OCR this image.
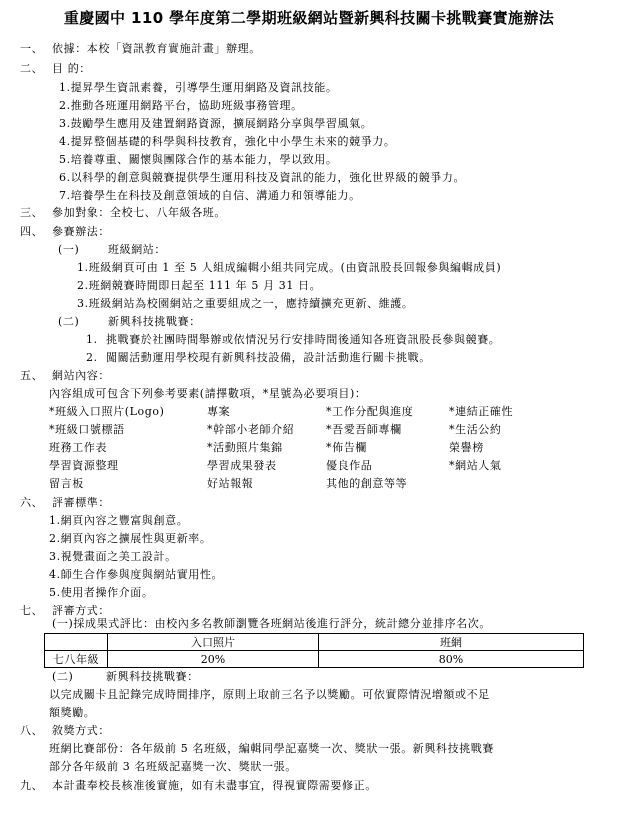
重慶國中 110 學年度第二學期班級網站暨新興科技關卡挑戰賽實施辦法
一、 依據：本校「資訊教育實施計畫」辦理。
二、 目 的：
1.提昇學生資訊素養，引導學生運用網路及資訊技能。
2.推動各班運用網路平台，協助班級事務管理。
3.鼓勵學生應用及建置網路資源，擴展網路分享與學習風氣。
4.提昇整個基礎的科學與科技教育，強化中小學生未來的競爭力。
5.培養尊重、關懷與團隊合作的基本能力，學以致用。
6.以科學的創意與競賽提供學生運用科技及資訊的能力，強化世界級的競爭力。
7.培養學生在科技及創意領域的自信、溝通力和領導能力。
三、 參加對象：全校七、八年級各班。
四、 參賽辦法：
(一)	班級網站：
1.班級網頁可由 1 至 5 人組成編輯小組共同完成。(由資訊股長回報參與編輯成員)
2.班網競賽時間即日起至 111 年 5 月 31 日。
3.班級網站為校園網站之重要組成之一，應持續擴充更新、維護。
(二)	新興科技挑戰賽：
1. 挑戰賽於社團時間舉辦或依情況另行安排時間後通知各班資訊股長參與競賽。
2. 闖關活動運用學校現有新興科技設備，設計活動進行關卡挑戰。
五、 網站內容：
內容組成可包含下列參考要素(請擇數項，*星號為必要項目)：
*班級入口照片(Logo)	專案	*工作分配與進度	*連結正確性
*班級口號標語	*幹部小老師介紹	*吾愛吾師專欄	*生活公約
班務工作表	*活動照片集錦	*佈告欄	榮譽榜
學習資源整理	學習成果發表	優良作品	*網站人氣
留言板	好站報報	其他的創意等等
六、 評審標準：
1.網頁內容之豐富與創意。
2.網頁內容之擴展性與更新率。
3.視覺畫面之美工設計。
4.師生合作參與度與網站實用性。
5.使用者操作介面。
七、 評審方式：
(一)採成果式評比：由校內多名教師瀏覽各班網站後進行評分，統計總分並排序名次。
	入口照片	班網
七八年級	20%	80%
(二)	新興科技挑戰賽：
以完成關卡且記錄完成時間排序，原則上取前三名予以獎勵。可依實際情況增額或不足
額獎勵。
八、 敘獎方式：
班網比賽部份：各年級前 5 名班級，編輯同學記嘉獎一次、獎狀一張。新興科技挑戰賽
部分各年級前 3 名班級記嘉獎一次、獎狀一張。
九、 本計畫奉校長核准後實施，如有未盡事宜，得視實際需要修正。
